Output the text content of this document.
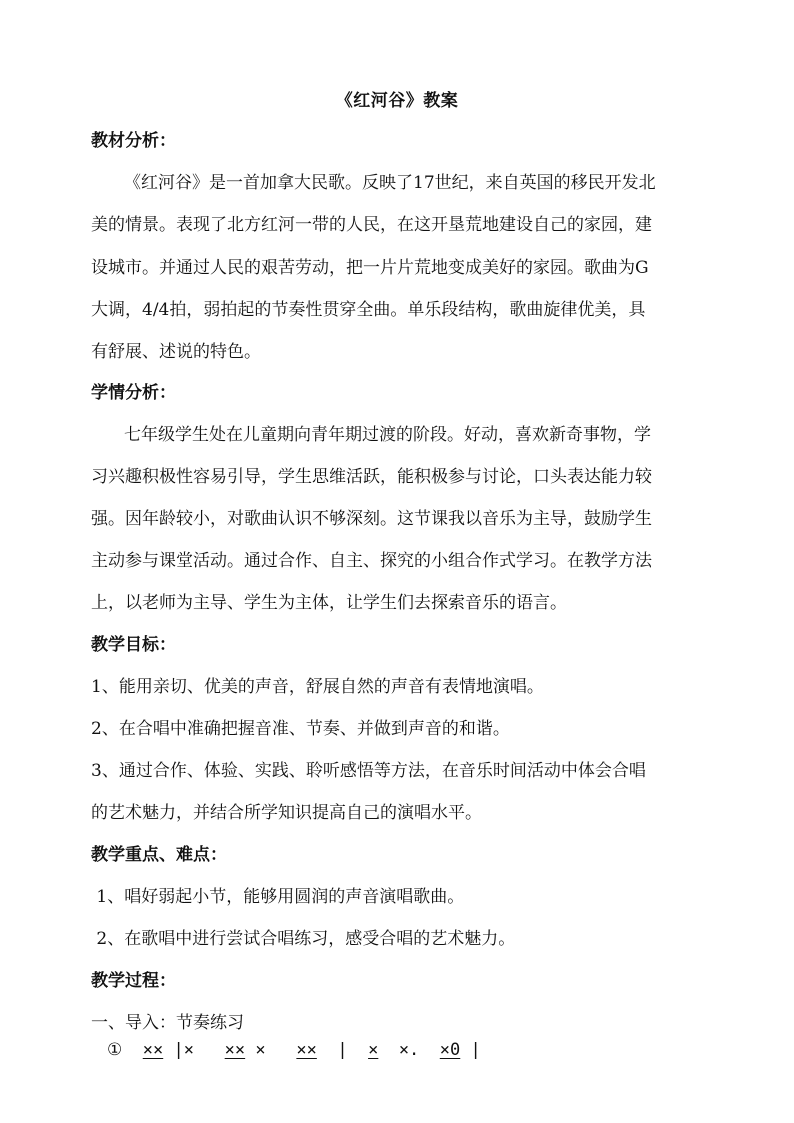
《红河谷》教案
教材分析：
《红河谷》是一首加拿大民歌。反映了17世纪，来自英国的移民开发北
美的情景。表现了北方红河一带的人民，在这开垦荒地建设自己的家园，建
设城市。并通过人民的艰苦劳动，把一片片荒地变成美好的家园。歌曲为G
大调，4/4拍，弱拍起的节奏性贯穿全曲。单乐段结构，歌曲旋律优美，具
有舒展、述说的特色。
学情分析：
七年级学生处在儿童期向青年期过渡的阶段。好动，喜欢新奇事物，学
习兴趣积极性容易引导，学生思维活跃，能积极参与讨论，口头表达能力较
强。因年龄较小，对歌曲认识不够深刻。这节课我以音乐为主导，鼓励学生
主动参与课堂活动。通过合作、自主、探究的小组合作式学习。在教学方法
上，以老师为主导、学生为主体，让学生们去探索音乐的语言。
教学目标：
1、能用亲切、优美的声音，舒展自然的声音有表情地演唱。
2、在合唱中准确把握音准、节奏、并做到声音的和谐。
3、通过合作、体验、实践、聆听感悟等方法，在音乐时间活动中体会合唱
的艺术魅力，并结合所学知识提高自己的演唱水平。
教学重点、难点：
1、唱好弱起小节，能够用圆润的声音演唱歌曲。
2、在歌唱中进行尝试合唱练习，感受合唱的艺术魅力。
教学过程：
一、导入：节奏练习
① ×× |× ×× × ×× | × ×. ×0 |
